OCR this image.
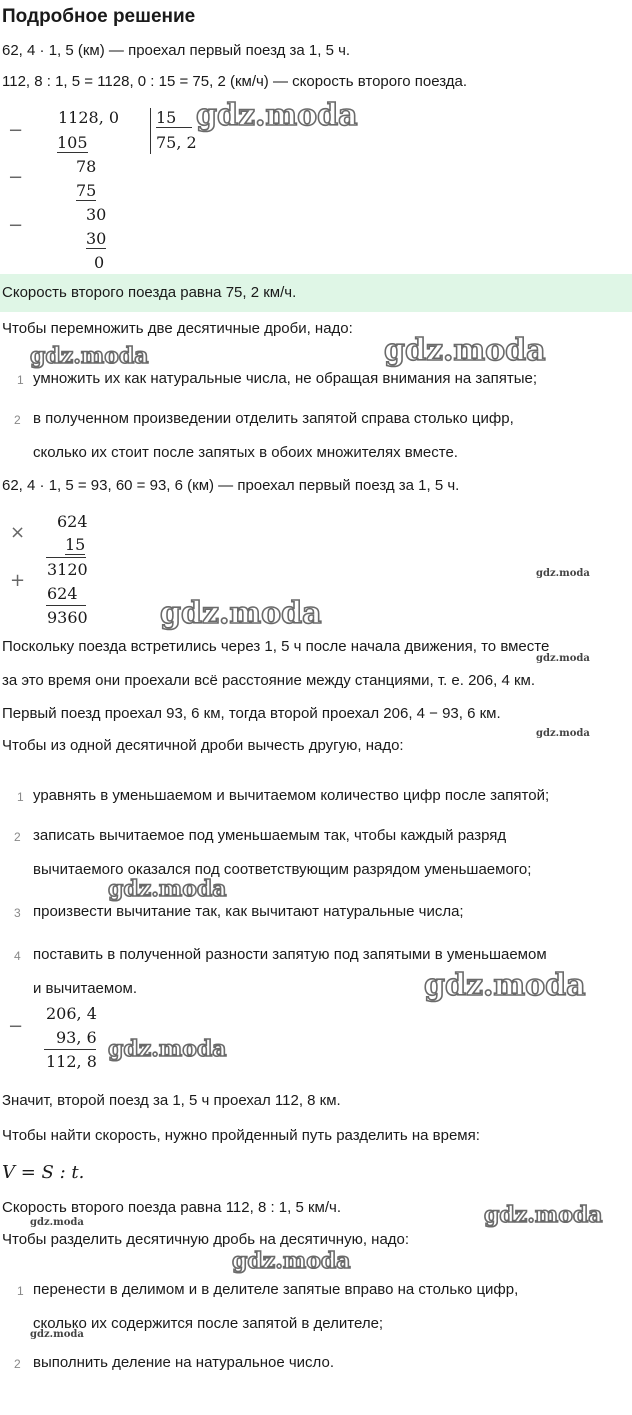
Подробное решение
62, 4 · 1, 5 (км) — проехал первый поезд за 1, 5 ч.
112, 8 : 1, 5 = 1128, 0 : 15 = 75, 2 (км/ч) — скорость второго поезда.
−
−
−
1128, 0
105
78
75
30
30
0
15
75, 2
Скорость второго поезда равна 75, 2 км/ч.
Чтобы перемножить две десятичные дроби, надо:
1 умножить их как натуральные числа, не обращая внимания на запятые;
2 в полученном произведении отделить запятой справа столько цифр,
сколько их стоит после запятых в обоих множителях вместе.
62, 4 · 1, 5 = 93, 60 = 93, 6 (км) — проехал первый поезд за 1, 5 ч.
×
+
624
15
3120
624
9360
Поскольку поезда встретились через 1, 5 ч после начала движения, то вместе
за это время они проехали всё расстояние между станциями, т. е. 206, 4 км.
Первый поезд проехал 93, 6 км, тогда второй проехал 206, 4 − 93, 6 км.
Чтобы из одной десятичной дроби вычесть другую, надо:
1 уравнять в уменьшаемом и вычитаемом количество цифр после запятой;
2 записать вычитаемое под уменьшаемым так, чтобы каждый разряд
вычитаемого оказался под соответствующим разрядом уменьшаемого;
3 произвести вычитание так, как вычитают натуральные числа;
4 поставить в полученной разности запятую под запятыми в уменьшаемом
и вычитаемом.
−
206, 4
93, 6
112, 8
Значит, второй поезд за 1, 5 ч проехал 112, 8 км.
Чтобы найти скорость, нужно пройденный путь разделить на время:
V = S : t.
Скорость второго поезда равна 112, 8 : 1, 5 км/ч.
Чтобы разделить десятичную дробь на десятичную, надо:
1 перенести в делимом и в делителе запятые вправо на столько цифр,
сколько их содержится после запятой в делителе;
2 выполнить деление на натуральное число.
gdz.moda
gdz.moda	gdz.moda
gdz.moda
gdz.moda
gdz.moda
gdz.moda
gdz.moda
gdz.moda
gdz.moda
gdz.moda
gdz.moda
gdz.moda
gdz.moda
